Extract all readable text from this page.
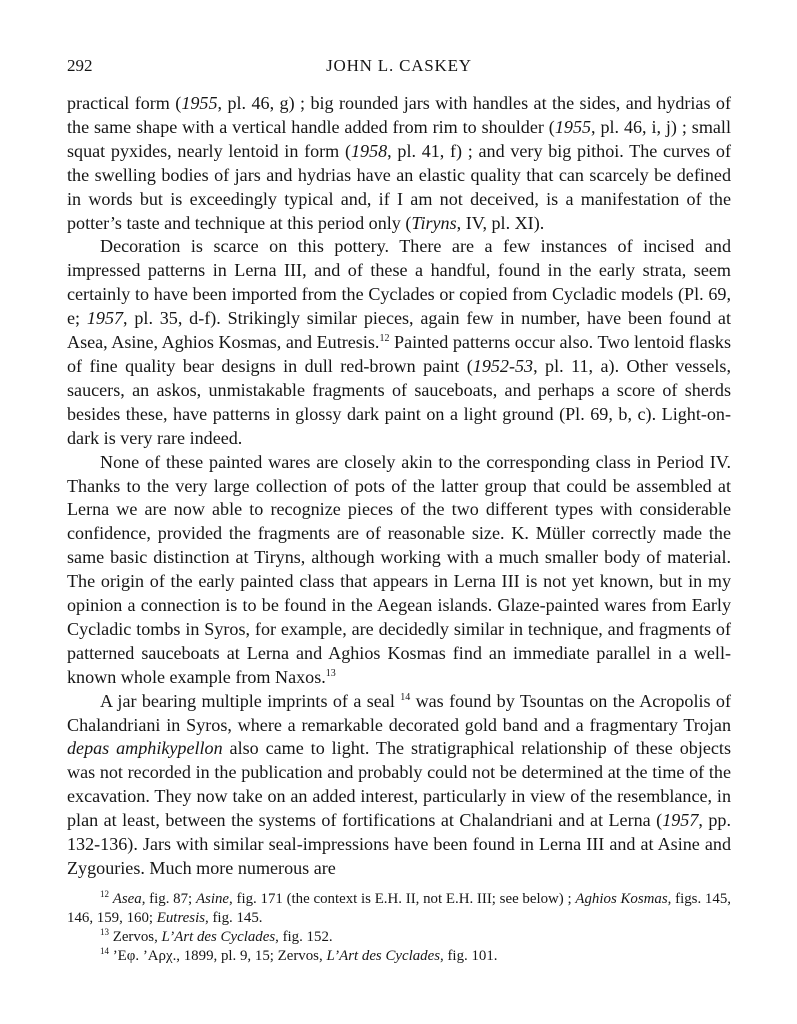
292	JOHN L. CASKEY

practical form (1955, pl. 46, g) ; big rounded jars with handles at the sides, and hydrias of the same shape with a vertical handle added from rim to shoulder (1955, pl. 46, i, j) ; small squat pyxides, nearly lentoid in form (1958, pl. 41, f) ; and very big pithoi. The curves of the swelling bodies of jars and hydrias have an elastic quality that can scarcely be defined in words but is exceedingly typical and, if I am not deceived, is a manifestation of the potter’s taste and technique at this period only (Tiryns, IV, pl. XI).

Decoration is scarce on this pottery. There are a few instances of incised and impressed patterns in Lerna III, and of these a handful, found in the early strata, seem certainly to have been imported from the Cyclades or copied from Cycladic models (Pl. 69, e; 1957, pl. 35, d-f). Strikingly similar pieces, again few in number, have been found at Asea, Asine, Aghios Kosmas, and Eutresis.$^{12}$ Painted patterns occur also. Two lentoid flasks of fine quality bear designs in dull red-brown paint (1952-53, pl. 11, a). Other vessels, saucers, an askos, unmistakable fragments of sauceboats, and perhaps a score of sherds besides these, have patterns in glossy dark paint on a light ground (Pl. 69, b, c). Light-on-dark is very rare indeed.

None of these painted wares are closely akin to the corresponding class in Period IV. Thanks to the very large collection of pots of the latter group that could be assembled at Lerna we are now able to recognize pieces of the two different types with considerable confidence, provided the fragments are of reasonable size. K. Müller correctly made the same basic distinction at Tiryns, although working with a much smaller body of material. The origin of the early painted class that appears in Lerna III is not yet known, but in my opinion a connection is to be found in the Aegean islands. Glaze-painted wares from Early Cycladic tombs in Syros, for example, are decidedly similar in technique, and fragments of patterned sauceboats at Lerna and Aghios Kosmas find an immediate parallel in a well-known whole example from Naxos.$^{13}$

A jar bearing multiple imprints of a seal $^{14}$ was found by Tsountas on the Acropolis of Chalandriani in Syros, where a remarkable decorated gold band and a fragmentary Trojan depas amphikypellon also came to light. The stratigraphical relationship of these objects was not recorded in the publication and probably could not be determined at the time of the excavation. They now take on an added interest, particularly in view of the resemblance, in plan at least, between the systems of fortifications at Chalandriani and at Lerna (1957, pp. 132-136). Jars with similar seal-impressions have been found in Lerna III and at Asine and Zygouries. Much more numerous are

$^{12}$ Asea, fig. 87; Asine, fig. 171 (the context is E.H. II, not E.H. III; see below) ; Aghios Kosmas, figs. 145, 146, 159, 160; Eutresis, fig. 145.

$^{13}$ Zervos, L’Art des Cyclades, fig. 152.

$^{14}$ ’Εφ. ’Αρχ., 1899, pl. 9, 15; Zervos, L’Art des Cyclades, fig. 101.
